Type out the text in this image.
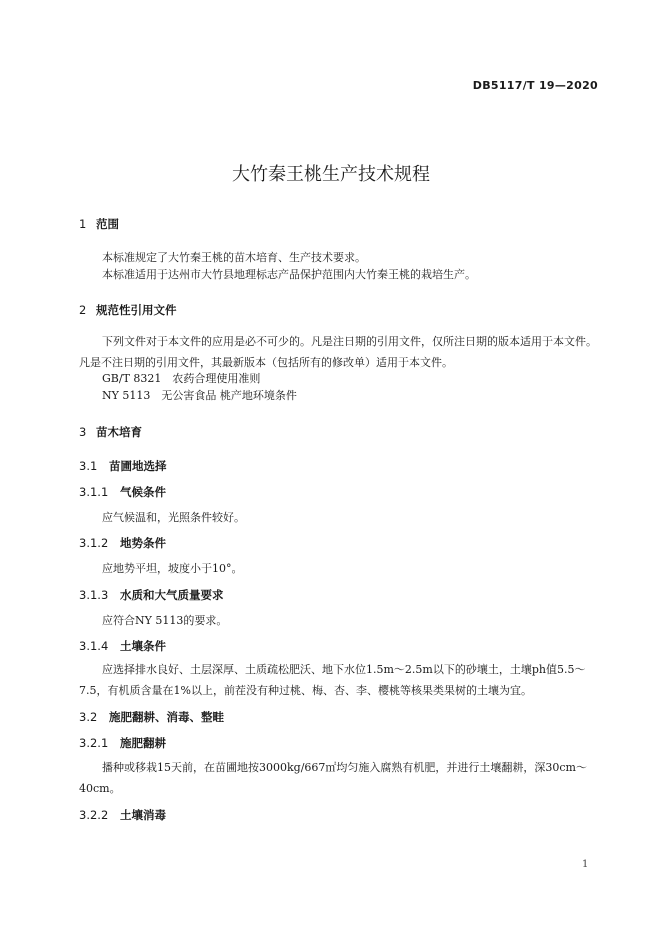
DB5117/T 19—2020
大竹秦王桃生产技术规程
1 范围
本标准规定了大竹秦王桃的苗木培育、生产技术要求。
本标准适用于达州市大竹县地理标志产品保护范围内大竹秦王桃的栽培生产。
2 规范性引用文件
下列文件对于本文件的应用是必不可少的。凡是注日期的引用文件，仅所注日期的版本适用于本文件。凡是不注日期的引用文件，其最新版本（包括所有的修改单）适用于本文件。
GB/T 8321　农药合理使用准则
NY 5113　无公害食品 桃产地环境条件
3 苗木培育
3.1 苗圃地选择
3.1.1 气候条件
应气候温和，光照条件较好。
3.1.2 地势条件
应地势平坦，坡度小于10°。
3.1.3 水质和大气质量要求
应符合NY 5113的要求。
3.1.4 土壤条件
应选择排水良好、土层深厚、土质疏松肥沃、地下水位1.5m～2.5m以下的砂壤土，土壤ph值5.5～7.5，有机质含量在1%以上，前茬没有种过桃、梅、杏、李、樱桃等核果类果树的土壤为宜。
3.2 施肥翻耕、消毒、整畦
3.2.1 施肥翻耕
播种或移栽15天前，在苗圃地按3000kg/667㎡均匀施入腐熟有机肥，并进行土壤翻耕，深30cm～40cm。
3.2.2 土壤消毒
1
